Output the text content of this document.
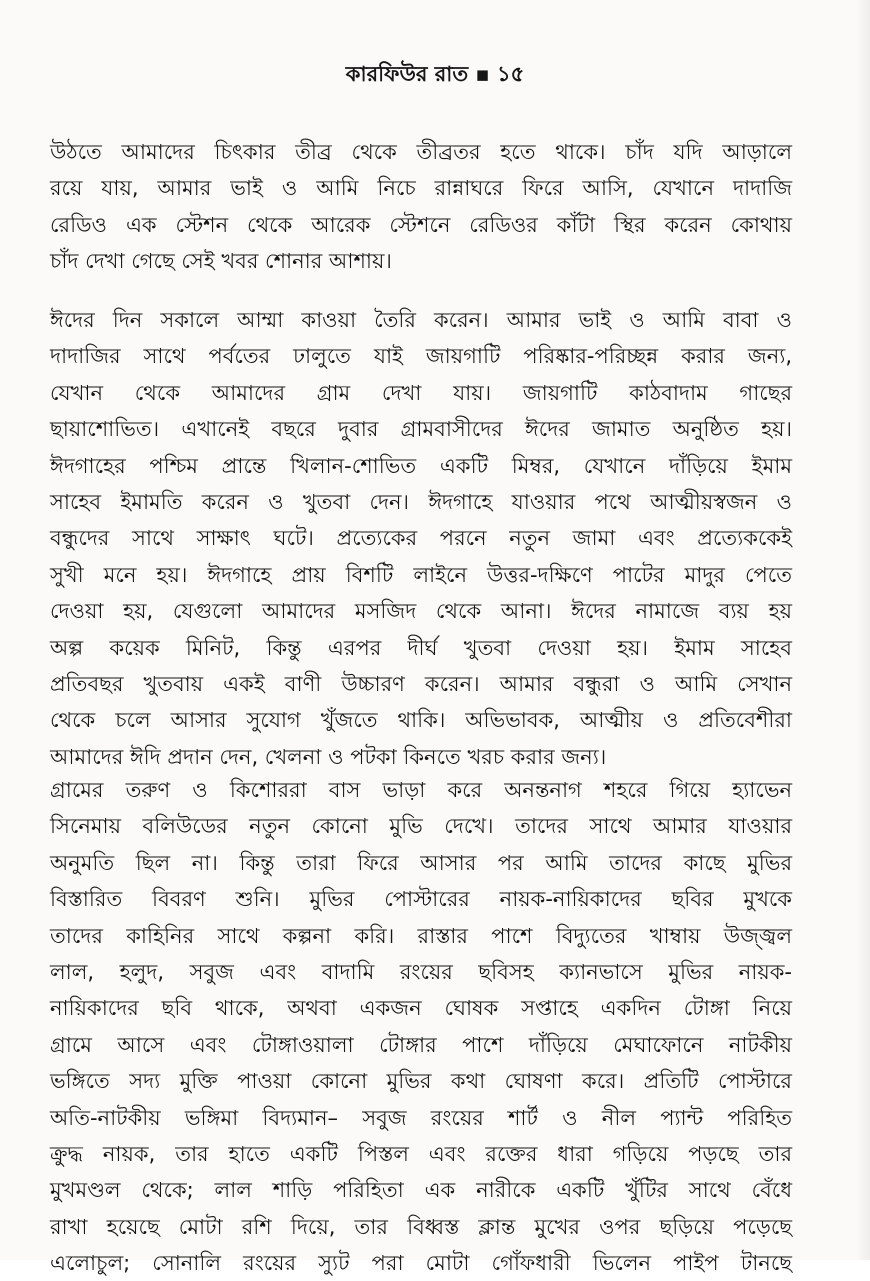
কারফিউর রাত ▪ ১৫
উঠতে আমাদের চিৎকার তীব্র থেকে তীব্রতর হতে থাকে। চাঁদ যদি আড়ালে
রয়ে যায়, আমার ভাই ও আমি নিচে রান্নাঘরে ফিরে আসি, যেখানে দাদাজি
রেডিও এক স্টেশন থেকে আরেক স্টেশনে রেডিওর কাঁটা স্থির করেন কোথায়
চাঁদ দেখা গেছে সেই খবর শোনার আশায়।
ঈদের দিন সকালে আম্মা কাওয়া তৈরি করেন। আমার ভাই ও আমি বাবা ও
দাদাজির সাথে পর্বতের ঢালুতে যাই জায়গাটি পরিষ্কার-পরিচ্ছন্ন করার জন্য,
যেখান থেকে আমাদের গ্রাম দেখা যায়। জায়গাটি কাঠবাদাম গাছের
ছায়াশোভিত। এখানেই বছরে দুবার গ্রামবাসীদের ঈদের জামাত অনুষ্ঠিত হয়।
ঈদগাহের পশ্চিম প্রান্তে খিলান-শোভিত একটি মিম্বর, যেখানে দাঁড়িয়ে ইমাম
সাহেব ইমামতি করেন ও খুতবা দেন। ঈদগাহে যাওয়ার পথে আত্মীয়স্বজন ও
বন্ধুদের সাথে সাক্ষাৎ ঘটে। প্রত্যেকের পরনে নতুন জামা এবং প্রত্যেককেই
সুখী মনে হয়। ঈদগাহে প্রায় বিশটি লাইনে উত্তর-দক্ষিণে পাটের মাদুর পেতে
দেওয়া হয়, যেগুলো আমাদের মসজিদ থেকে আনা। ঈদের নামাজে ব্যয় হয়
অল্প কয়েক মিনিট, কিন্তু এরপর দীর্ঘ খুতবা দেওয়া হয়। ইমাম সাহেব
প্রতিবছর খুতবায় একই বাণী উচ্চারণ করেন। আমার বন্ধুরা ও আমি সেখান
থেকে চলে আসার সুযোগ খুঁজতে থাকি। অভিভাবক, আত্মীয় ও প্রতিবেশীরা
আমাদের ঈদি প্রদান দেন, খেলনা ও পটকা কিনতে খরচ করার জন্য।
গ্রামের তরুণ ও কিশোররা বাস ভাড়া করে অনন্তনাগ শহরে গিয়ে হ্যাভেন
সিনেমায় বলিউডের নতুন কোনো মুভি দেখে। তাদের সাথে আমার যাওয়ার
অনুমতি ছিল না। কিন্তু তারা ফিরে আসার পর আমি তাদের কাছে মুভির
বিস্তারিত বিবরণ শুনি। মুভির পোস্টারের নায়ক-নায়িকাদের ছবির মুখকে
তাদের কাহিনির সাথে কল্পনা করি। রাস্তার পাশে বিদ্যুতের খাম্বায় উজ্জ্বল
লাল, হলুদ, সবুজ এবং বাদামি রংয়ের ছবিসহ ক্যানভাসে মুভির নায়ক-
নায়িকাদের ছবি থাকে, অথবা একজন ঘোষক সপ্তাহে একদিন টোঙ্গা নিয়ে
গ্রামে আসে এবং টোঙ্গাওয়ালা টোঙ্গার পাশে দাঁড়িয়ে মেঘাফোনে নাটকীয়
ভঙ্গিতে সদ্য মুক্তি পাওয়া কোনো মুভির কথা ঘোষণা করে। প্রতিটি পোস্টারে
অতি-নাটকীয় ভঙ্গিমা বিদ্যমান– সবুজ রংয়ের শার্ট ও নীল প্যান্ট পরিহিত
ক্রুদ্ধ নায়ক, তার হাতে একটি পিস্তল এবং রক্তের ধারা গড়িয়ে পড়ছে তার
মুখমণ্ডল থেকে; লাল শাড়ি পরিহিতা এক নারীকে একটি খুঁটির সাথে বেঁধে
রাখা হয়েছে মোটা রশি দিয়ে, তার বিধ্বস্ত ক্লান্ত মুখের ওপর ছড়িয়ে পড়েছে
এলোচুল; সোনালি রংয়ের স্যুট পরা মোটা গোঁফধারী ভিলেন পাইপ টানছে
